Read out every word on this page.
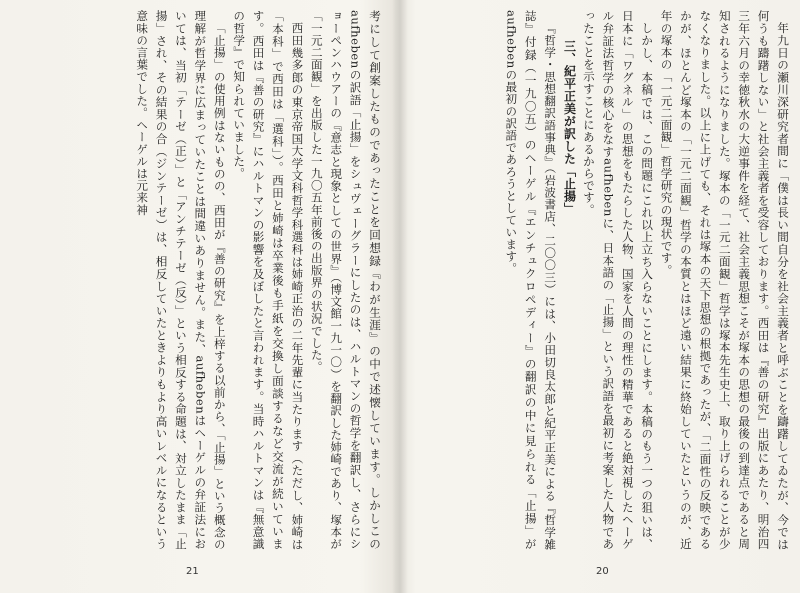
年九日の瀬川深研究者間に「僕は長い間自分を社会主義者と呼ぶことを躊躇してゐたが、今では何うも躊躇しない」と社会主義者を受容しております。西田は『善の研究』出版にあたり、明治四三年六月の幸徳秋水の大逆事件を経て、社会主義思想こそが塚本の思想の最後の到達点であると周知されるようになりました。塚本の「一元二面観」哲学は塚本先生史上、取り上げられることが少なくなりました。以上に上げても、それは塚本の天下思想の根拠であったが、「二面性の反映であるかが、ほとんど塚本の「一元二面観」哲学の本質とはほど遠い結果に終始していたというのが、近年の塚本の「一元二面観」哲学研究の現状です。

しかし、本稿では、この問題にこれ以上立ち入らないことにします。本稿のもう一つの狙いは、日本に「ワグネル」の思想をもたらした人物、国家を人間の理性の精華であると絶対視したヘーゲル弁証法哲学の核心をなすaufhebenに、日本語の「止揚」という訳語を最初に考案した人物であったことを示すことにあるからです。

三、紀平正美が訳した「止揚」

『哲学・思想翻訳語事典』（岩波書店、二〇〇三）には、小田切良太郎と紀平正美による『哲学雑誌』付録（一九〇五）のヘーゲル『エンチュクロペディー』の翻訳の中に見られる「止揚」がaufhebenの最初の訳語であろうとしています。

考にして創案したものであったことを回想録『わが生涯』の中で述懐しています。しかしこのaufhebenの訳語「止揚」をシュヴェーグラーにしたのは、ハルトマンの哲学を翻訳し、さらにショーペンハウアーの『意志と現象としての世界』（博文館一九一〇）を翻訳した姉崎であり、塚本が「一元二面観」を出版した一九〇五年前後の出版界の状況でした。

西田幾多郎の東京帝国大学文科哲学科選科は姉崎正治の二年先輩に当たります（ただし、姉崎は「本科」で西田は「選科」）。西田と姉崎は卒業後も手紙を交換し面談するなど交流が続いています。西田は『善の研究』にハルトマンの影響を及ぼしたと言われます。当時ハルトマンは『無意識の哲学』で知られていました。

「止揚」の使用例はないものの、西田が『善の研究』を上梓する以前から、「止揚」という概念の理解が哲学界に広まっていたことは間違いありません。また、aufhebenはヘーゲルの弁証法においては、当初「テーゼ（正）」と「アンチテーゼ（反）」という相反する命題は、対立したまま「止揚」され、その結果の合（ジンテーゼ）は、相反していたときよりもより高いレベルになるという意味の言葉でした。ヘーゲルは元来神

21	20
